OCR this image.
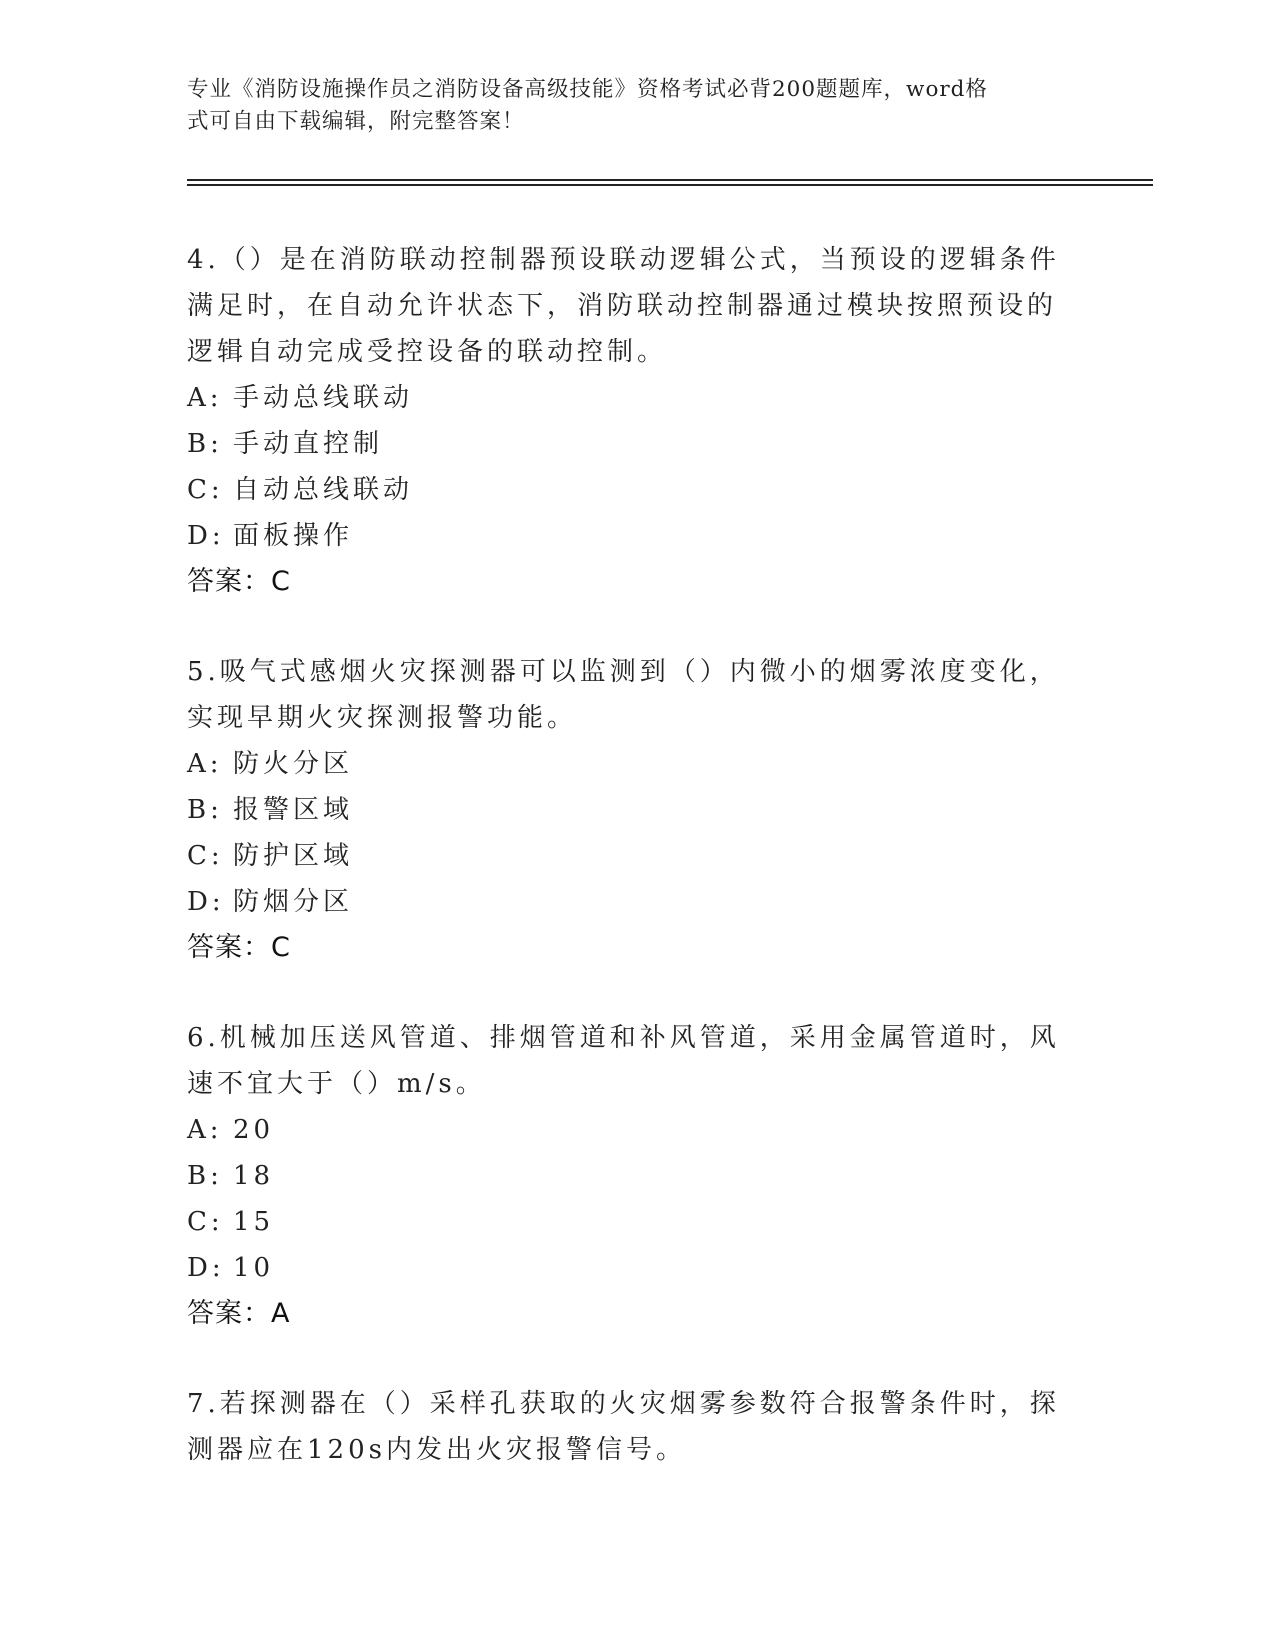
专业《消防设施操作员之消防设备高级技能》资格考试必背200题题库，word格
式可自由下载编辑，附完整答案！

4.（）是在消防联动控制器预设联动逻辑公式，当预设的逻辑条件满足时，在自动允许状态下，消防联动控制器通过模块按照预设的逻辑自动完成受控设备的联动控制。

A: 手动总线联动
B: 手动直控制
C: 自动总线联动
D: 面板操作
答案：C

5.吸气式感烟火灾探测器可以监测到（）内微小的烟雾浓度变化，实现早期火灾探测报警功能。

A: 防火分区
B: 报警区域
C: 防护区域
D: 防烟分区
答案：C

6.机械加压送风管道、排烟管道和补风管道，采用金属管道时，风速不宜大于（）m/s。

A: 20
B: 18
C: 15
D: 10
答案：A

7.若探测器在（）采样孔获取的火灾烟雾参数符合报警条件时，探测器应在120s内发出火灾报警信号。
